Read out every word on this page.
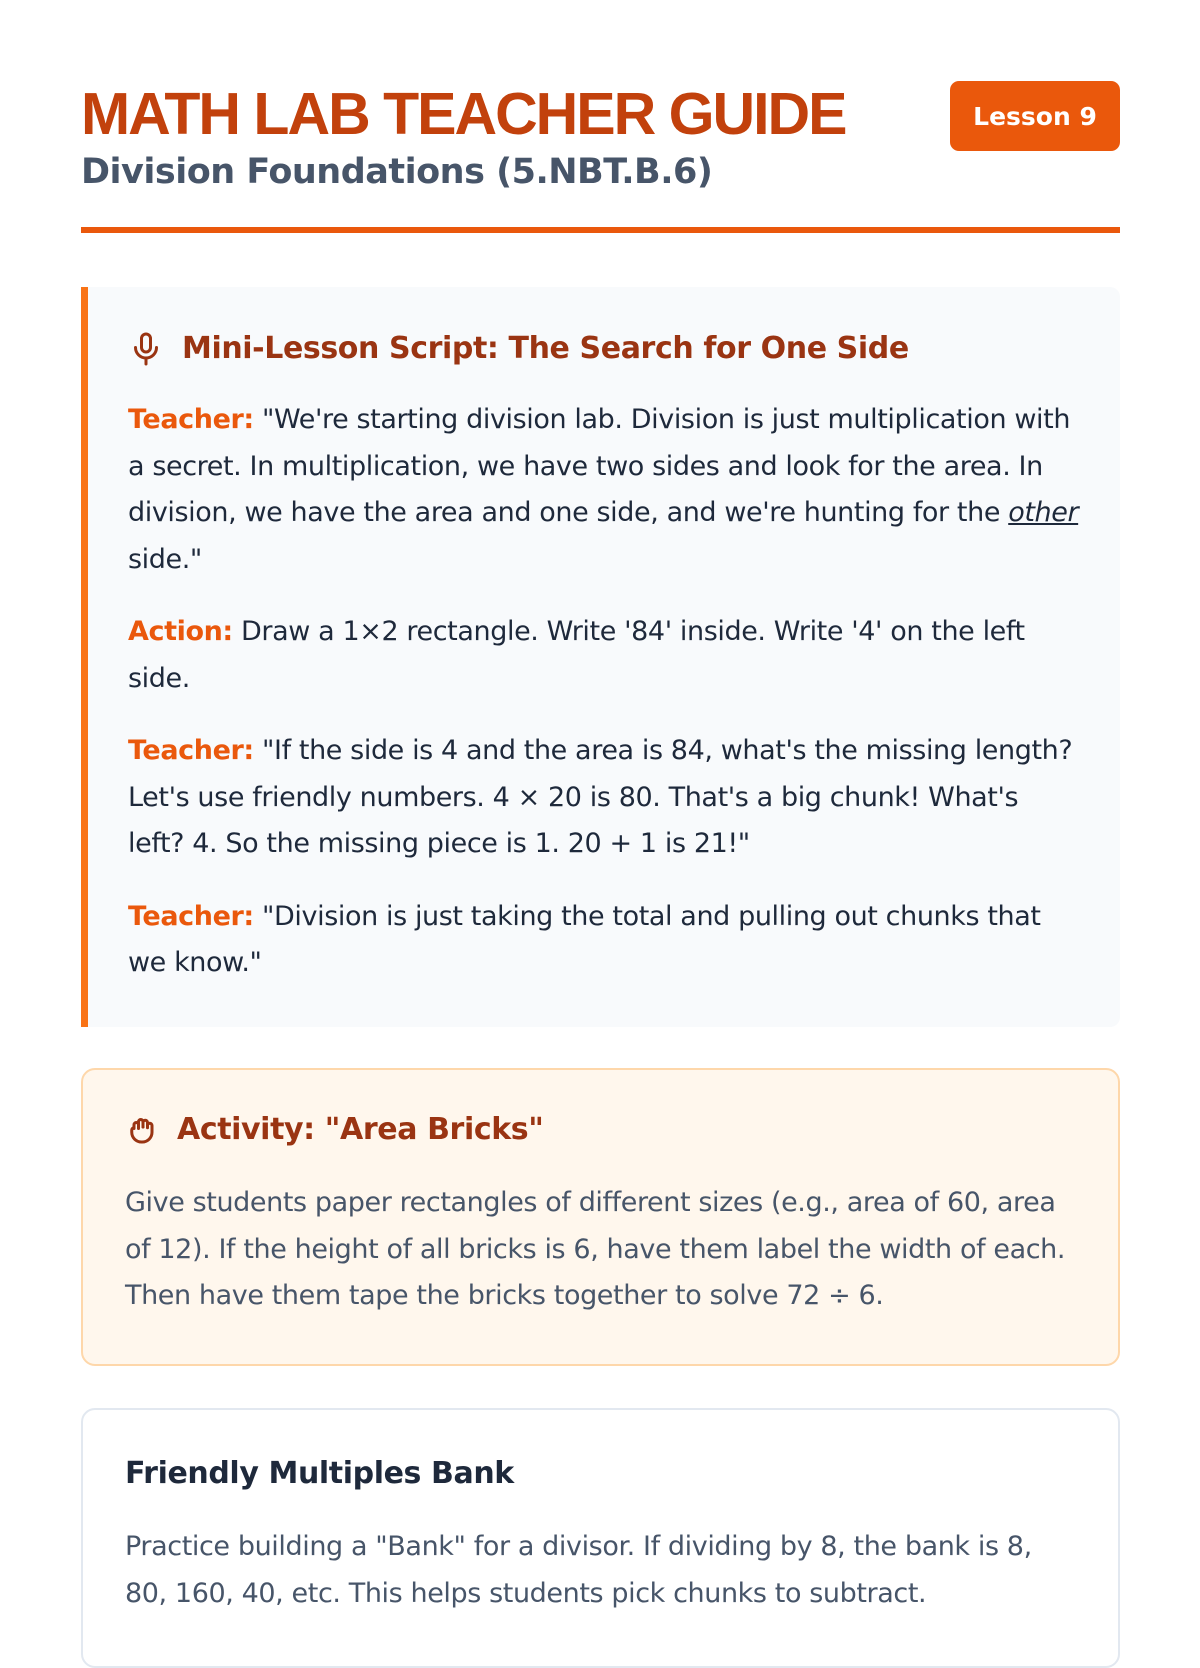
MATH LAB TEACHER GUIDE
Division Foundations (5.NBT.B.6)
Lesson 9
Mini-Lesson Script: The Search for One Side

Teacher: "We're starting division lab. Division is just multiplication with a secret. In multiplication, we have two sides and look for the area. In division, we have the area and one side, and we're hunting for the other side."

Action: Draw a 1×2 rectangle. Write '84' inside. Write '4' on the left side.

Teacher: "If the side is 4 and the area is 84, what's the missing length? Let's use friendly numbers. 4 × 20 is 80. That's a big chunk! What's left? 4. So the missing piece is 1. 20 + 1 is 21!"

Teacher: "Division is just taking the total and pulling out chunks that we know."

Activity: "Area Bricks"

Give students paper rectangles of different sizes (e.g., area of 60, area of 12). If the height of all bricks is 6, have them label the width of each. Then have them tape the bricks together to solve 72 ÷ 6.

Friendly Multiples Bank

Practice building a "Bank" for a divisor. If dividing by 8, the bank is 8, 80, 160, 40, etc. This helps students pick chunks to subtract.
